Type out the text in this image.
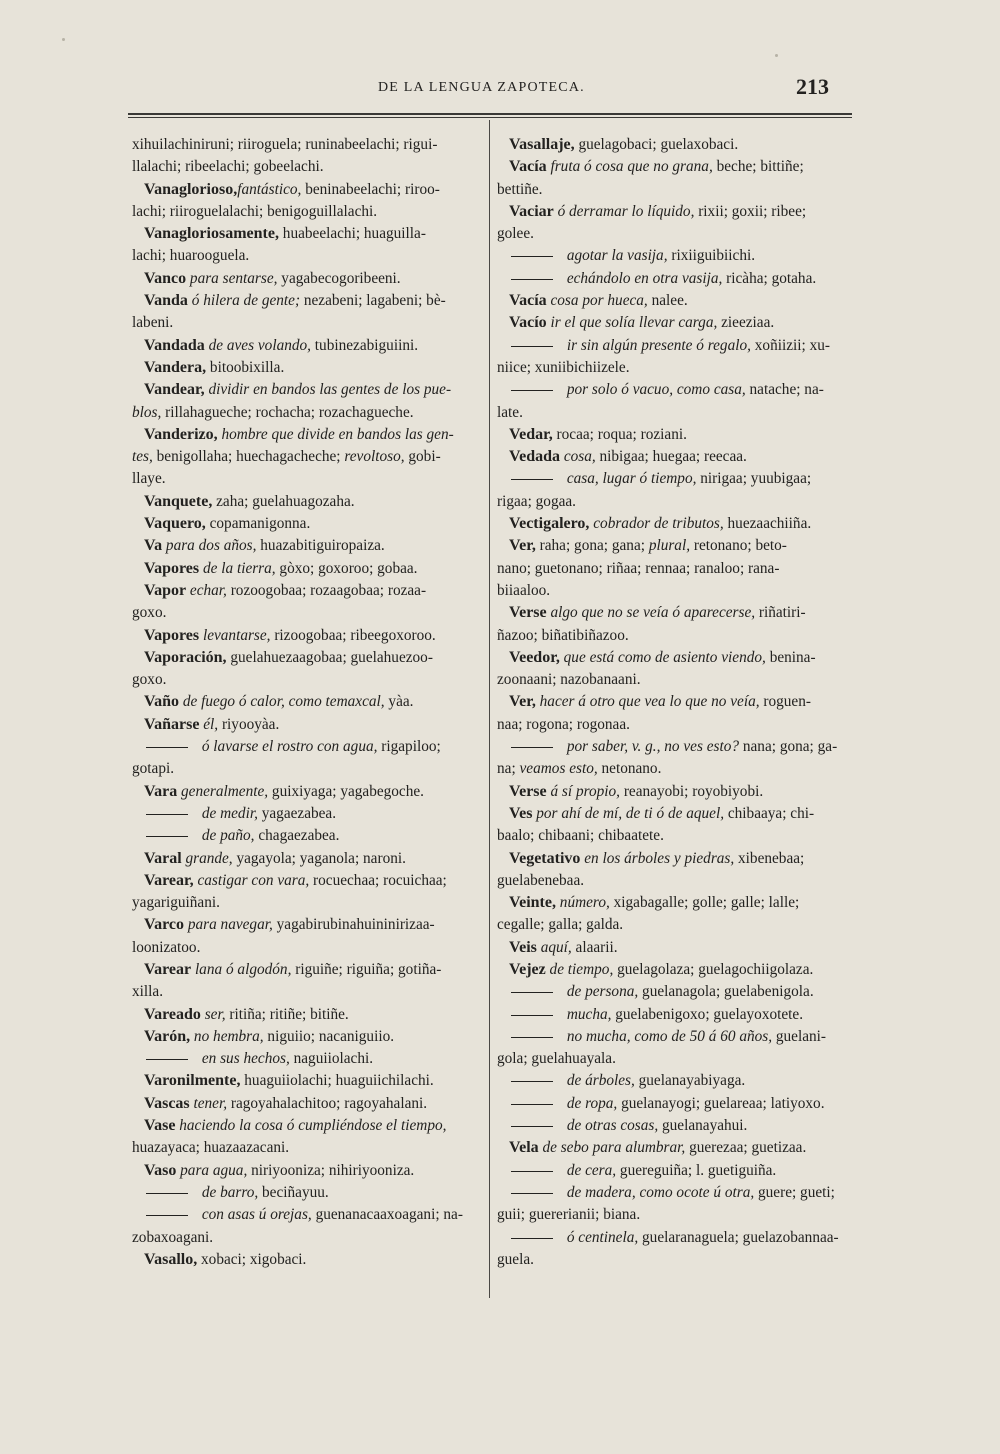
DE LA LENGUA ZAPOTECA.	213
xihuilachiniruni; riiroguela; runinabeelachi; rigui-
llalachi; ribeelachi; gobeelachi.
Vanaglorioso,fantástico, beninabeelachi; riroo-
lachi; riiroguelalachi; benigoguillalachi.
Vanagloriosamente, huabeelachi; huaguilla-
lachi; huarooguela.
Vanco para sentarse, yagabecogoribeeni.
Vanda ó hilera de gente; nezabeni; lagabeni; bè-
labeni.
Vandada de aves volando, tubinezabiguiini.
Vandera, bitoobixilla.
Vandear, dividir en bandos las gentes de los pue-
blos, rillahagueche; rochacha; rozachagueche.
Vanderizo, hombre que divide en bandos las gen-
tes, benigollaha; huechagacheche; revoltoso, gobi-
llaye.
Vanquete, zaha; guelahuagozaha.
Vaquero, copamanigonna.
Va para dos años, huazabitiguiropaiza.
Vapores de la tierra, gòxo; goxoroo; gobaa.
Vapor echar, rozoogobaa; rozaagobaa; rozaa-
goxo.
Vapores levantarse, rizoogobaa; ribeegoxoroo.
Vaporación, guelahuezaagobaa; guelahuezoo-
goxo.
Vaño de fuego ó calor, como temaxcal, yàa.
Vañarse él, riyooyàa.
ó lavarse el rostro con agua, rigapiloo;
gotapi.
Vara generalmente, guixiyaga; yagabegoche.
de medir, yagaezabea.
de paño, chagaezabea.
Varal grande, yagayola; yaganola; naroni.
Varear, castigar con vara, rocuechaa; rocuichaa;
yagariguiñani.
Varco para navegar, yagabirubinahuininirizaa-
loonizatoo.
Varear lana ó algodón, riguiñe; riguiña; gotiña-
xilla.
Vareado ser, ritiña; ritiñe; bitiñe.
Varón, no hembra, niguiio; nacaniguiio.
en sus hechos, naguiiolachi.
Varonilmente, huaguiiolachi; huaguiichilachi.
Vascas tener, ragoyahalachitoo; ragoyahalani.
Vase haciendo la cosa ó cumpliéndose el tiempo,
huazayaca; huazaazacani.
Vaso para agua, niriyooniza; nihiriyooniza.
de barro, beciñayuu.
con asas ú orejas, guenanacaaxoagani; na-
zobaxoagani.
Vasallo, xobaci; xigobaci.
Vasallaje, guelagobaci; guelaxobaci.
Vacía fruta ó cosa que no grana, beche; bittiñe;
bettiñe.
Vaciar ó derramar lo líquido, rixii; goxii; ribee;
golee.
agotar la vasija, rixiiguibiichi.
echándolo en otra vasija, ricàha; gotaha.
Vacía cosa por hueca, nalee.
Vacío ir el que solía llevar carga, zieeziaa.
ir sin algún presente ó regalo, xoñiizii; xu-
niice; xuniibichiizele.
por solo ó vacuo, como casa, natache; na-
late.
Vedar, rocaa; roqua; roziani.
Vedada cosa, nibigaa; huegaa; reecaa.
casa, lugar ó tiempo, nirigaa; yuubigaa;
rigaa; gogaa.
Vectigalero, cobrador de tributos, huezaachiiña.
Ver, raha; gona; gana; plural, retonano; beto-
nano; guetonano; riñaa; rennaa; ranaloo; rana-
biiaaloo.
Verse algo que no se veía ó aparecerse, riñatiri-
ñazoo; biñatibiñazoo.
Veedor, que está como de asiento viendo, benina-
zoonaani; nazobanaani.
Ver, hacer á otro que vea lo que no veía, roguen-
naa; rogona; rogonaa.
por saber, v. g., no ves esto? nana; gona; ga-
na; veamos esto, netonano.
Verse á sí propio, reanayobi; royobiyobi.
Ves por ahí de mí, de ti ó de aquel, chibaaya; chi-
baalo; chibaani; chibaatete.
Vegetativo en los árboles y piedras, xibenebaa;
guelabenebaa.
Veinte, número, xigabagalle; golle; galle; lalle;
cegalle; galla; galda.
Veis aquí, alaarii.
Vejez de tiempo, guelagolaza; guelagochiigolaza.
de persona, guelanagola; guelabenigola.
mucha, guelabenigoxo; guelayoxotete.
no mucha, como de 50 á 60 años, guelani-
gola; guelahuayala.
de árboles, guelanayabiyaga.
de ropa, guelanayogi; guelareaa; latiyoxo.
de otras cosas, guelanayahui.
Vela de sebo para alumbrar, guerezaa; guetizaa.
de cera, guereguiña; l. guetiguiña.
de madera, como ocote ú otra, guere; gueti;
guii; guererianii; biana.
ó centinela, guelaranaguela; guelazobannaa-
guela.
